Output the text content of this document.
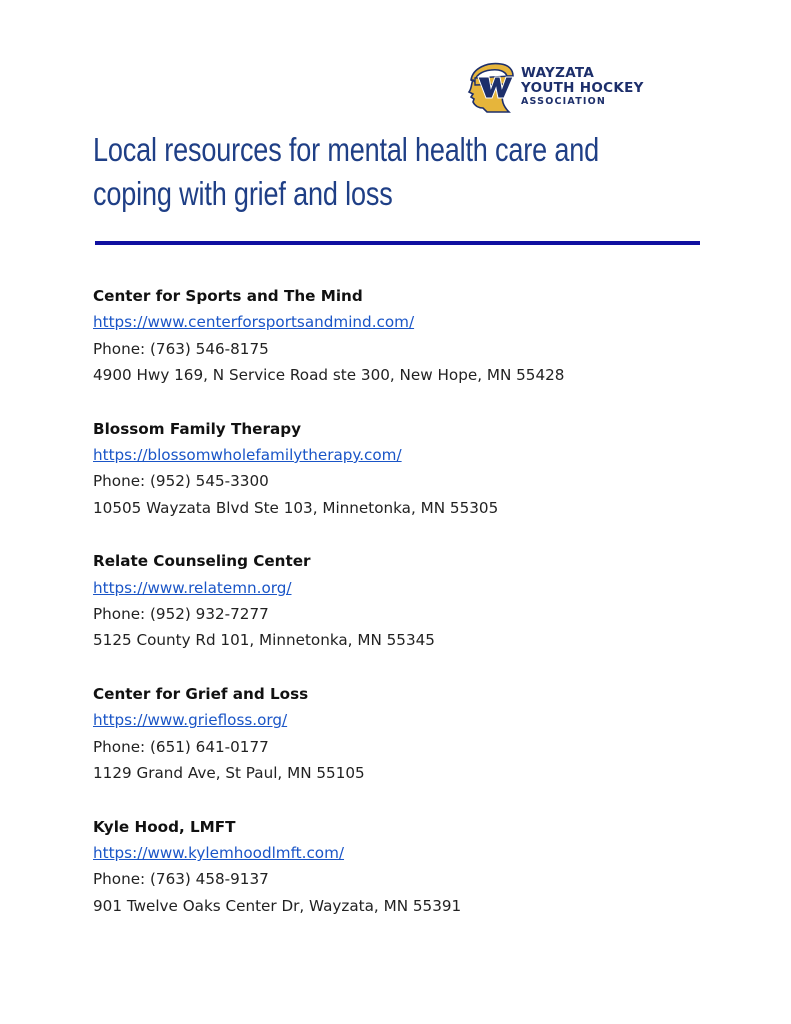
WAYZATA
YOUTH HOCKEY
ASSOCIATION
Local resources for mental health care and
coping with grief and loss
Center for Sports and The Mind
https://www.centerforsportsandmind.com/
Phone: (763) 546-8175
4900 Hwy 169, N Service Road ste 300, New Hope, MN 55428
Blossom Family Therapy
https://blossomwholefamilytherapy.com/
Phone: (952) 545-3300
10505 Wayzata Blvd Ste 103, Minnetonka, MN 55305
Relate Counseling Center
https://www.relatemn.org/
Phone: (952) 932-7277
5125 County Rd 101, Minnetonka, MN 55345
Center for Grief and Loss
https://www.griefloss.org/
Phone: (651) 641-0177
1129 Grand Ave, St Paul, MN 55105
Kyle Hood, LMFT
https://www.kylemhoodlmft.com/
Phone: (763) 458-9137
901 Twelve Oaks Center Dr, Wayzata, MN 55391
